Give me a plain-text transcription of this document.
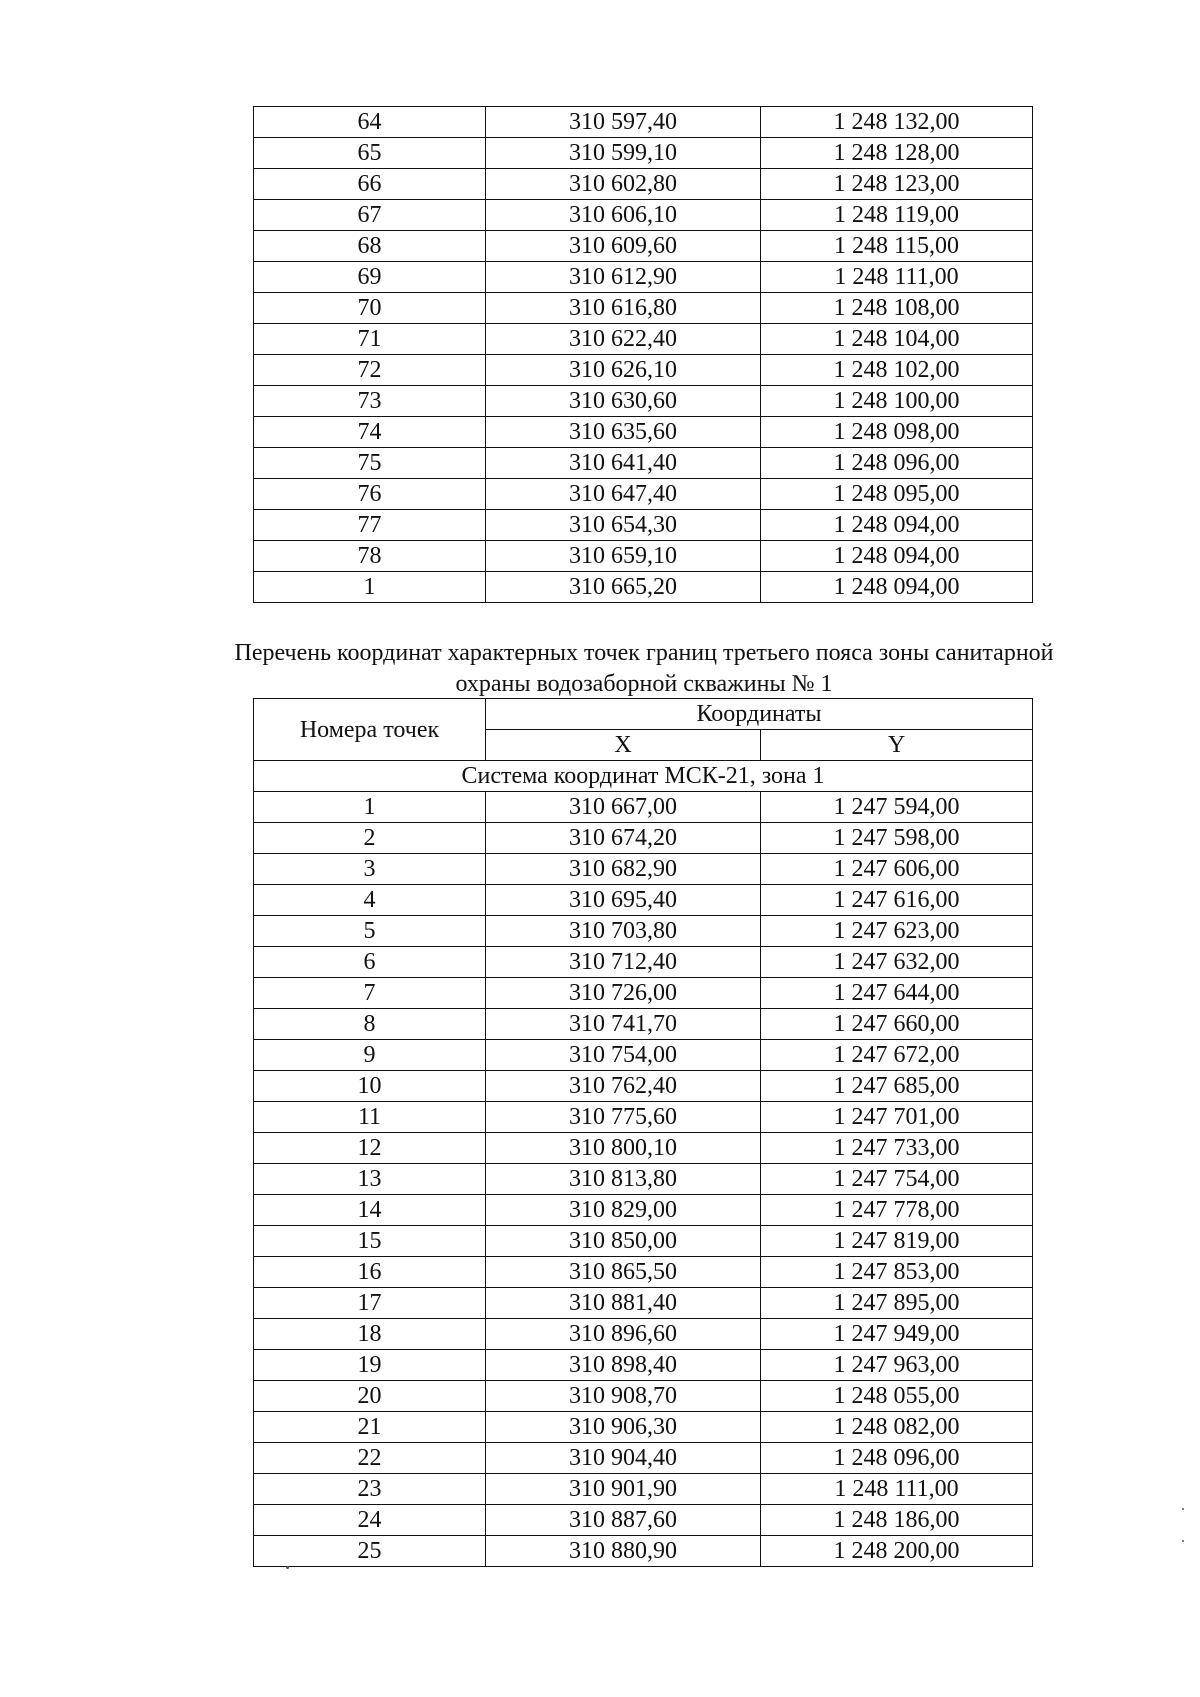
64	310 597,40	1 248 132,00
65	310 599,10	1 248 128,00
66	310 602,80	1 248 123,00
67	310 606,10	1 248 119,00
68	310 609,60	1 248 115,00
69	310 612,90	1 248 111,00
70	310 616,80	1 248 108,00
71	310 622,40	1 248 104,00
72	310 626,10	1 248 102,00
73	310 630,60	1 248 100,00
74	310 635,60	1 248 098,00
75	310 641,40	1 248 096,00
76	310 647,40	1 248 095,00
77	310 654,30	1 248 094,00
78	310 659,10	1 248 094,00
1	310 665,20	1 248 094,00
Перечень координат характерных точек границ третьего пояса зоны санитарной
охраны водозаборной скважины № 1
Номера точек	Координаты	
	X	Y
Система координат МСК-21, зона 1		
1	310 667,00	1 247 594,00
2	310 674,20	1 247 598,00
3	310 682,90	1 247 606,00
4	310 695,40	1 247 616,00
5	310 703,80	1 247 623,00
6	310 712,40	1 247 632,00
7	310 726,00	1 247 644,00
8	310 741,70	1 247 660,00
9	310 754,00	1 247 672,00
10	310 762,40	1 247 685,00
11	310 775,60	1 247 701,00
12	310 800,10	1 247 733,00
13	310 813,80	1 247 754,00
14	310 829,00	1 247 778,00
15	310 850,00	1 247 819,00
16	310 865,50	1 247 853,00
17	310 881,40	1 247 895,00
18	310 896,60	1 247 949,00
19	310 898,40	1 247 963,00
20	310 908,70	1 248 055,00
21	310 906,30	1 248 082,00
22	310 904,40	1 248 096,00
23	310 901,90	1 248 111,00
24	310 887,60	1 248 186,00
25	310 880,90	1 248 200,00
